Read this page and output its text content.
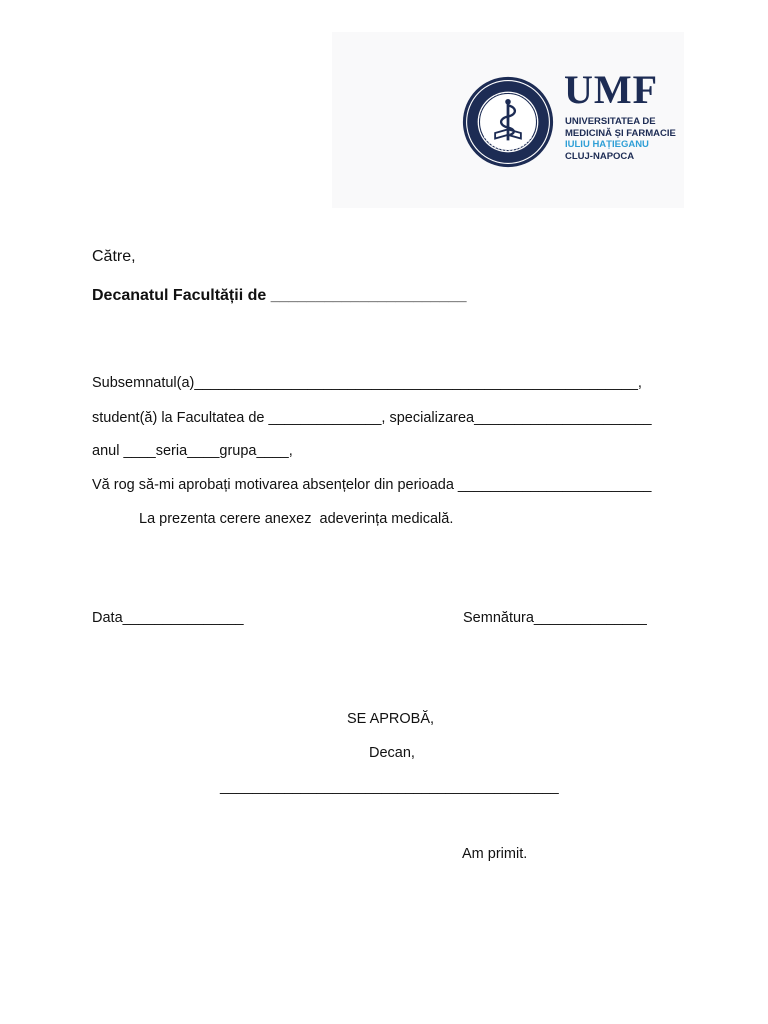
UMF
UNIVERSITATEA DE
MEDICINĂ ȘI FARMACIE
IULIU HAȚIEGANU
CLUJ-NAPOCA
Către,
Decanatul Facultății de ______________________
Subsemnatul(a)_______________________________________________________,
student(ă) la Facultatea de ______________, specializarea______________________
anul ____seria____grupa____,
Vă rog să-mi aprobați motivarea absențelor din perioada ________________________
La prezenta cerere anexez  adeverința medicală.
Data_______________	Semnătura______________
SE APROBĂ,
Decan,
__________________________________________
Am primit.
